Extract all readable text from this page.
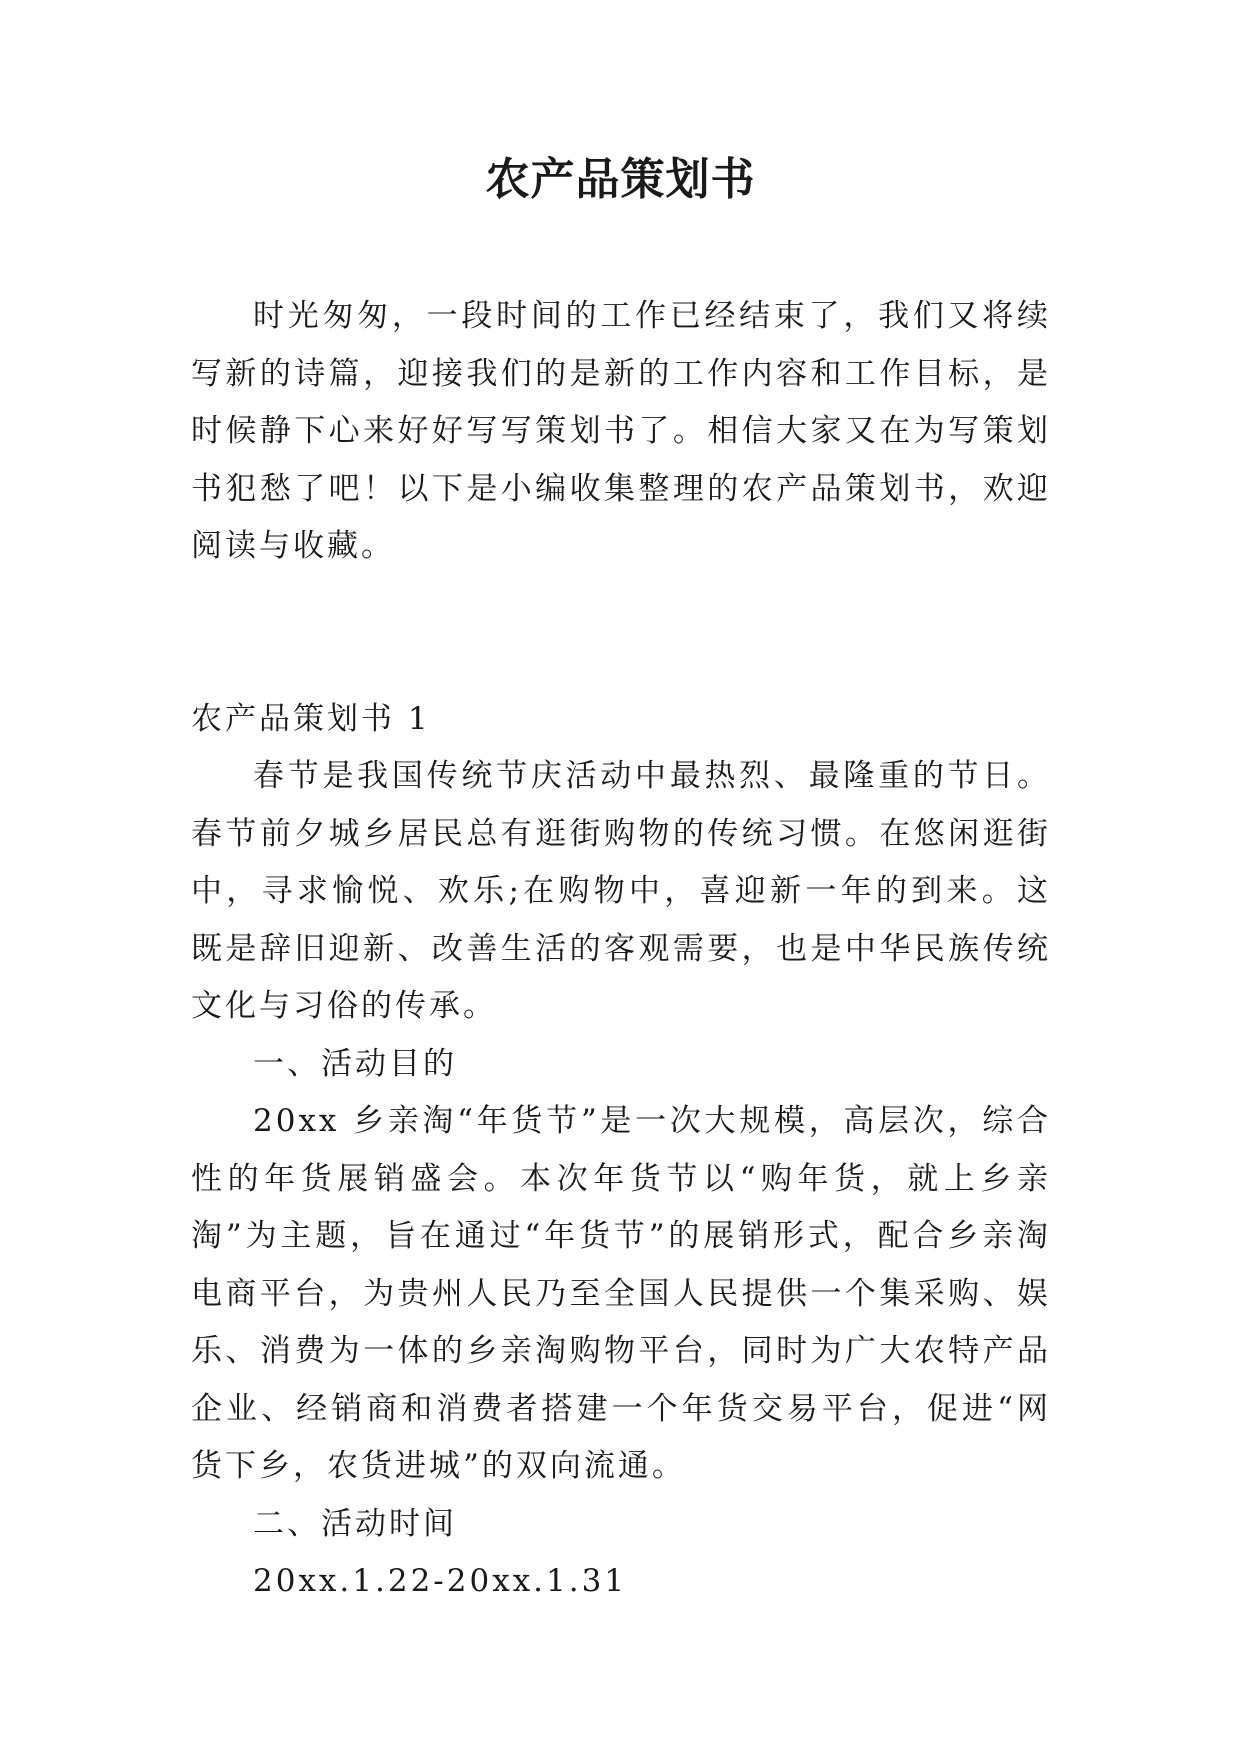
农产品策划书

时光匆匆，一段时间的工作已经结束了，我们又将续写新的诗篇，迎接我们的是新的工作内容和工作目标，是时候静下心来好好写写策划书了。相信大家又在为写策划书犯愁了吧！以下是小编收集整理的农产品策划书，欢迎阅读与收藏。

农产品策划书 1

春节是我国传统节庆活动中最热烈、最隆重的节日。春节前夕城乡居民总有逛街购物的传统习惯。在悠闲逛街中，寻求愉悦、欢乐;在购物中，喜迎新一年的到来。这既是辞旧迎新、改善生活的客观需要，也是中华民族传统文化与习俗的传承。

一、活动目的

20xx 乡亲淘“年货节”是一次大规模，高层次，综合性的年货展销盛会。本次年货节以“购年货，就上乡亲淘”为主题，旨在通过“年货节”的展销形式，配合乡亲淘电商平台，为贵州人民乃至全国人民提供一个集采购、娱乐、消费为一体的乡亲淘购物平台，同时为广大农特产品企业、经销商和消费者搭建一个年货交易平台，促进“网货下乡，农货进城”的双向流通。

二、活动时间

20xx.1.22-20xx.1.31
